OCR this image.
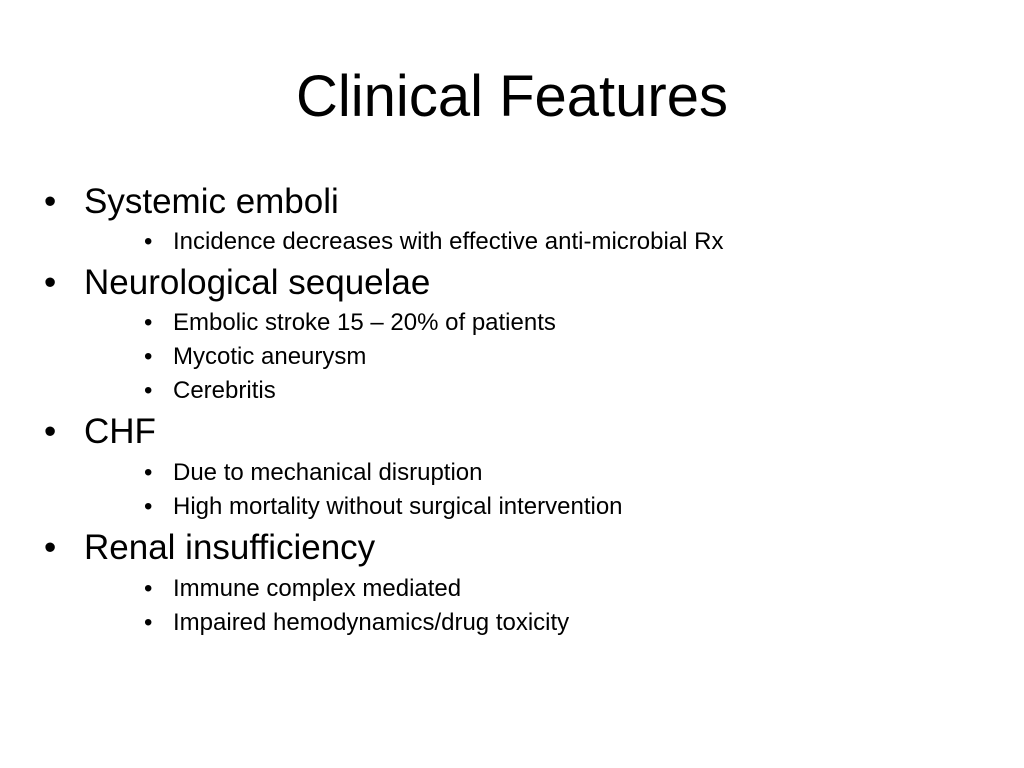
Clinical Features
• Systemic emboli
• Incidence decreases with effective anti-microbial Rx
• Neurological sequelae
• Embolic stroke 15 – 20% of patients
• Mycotic aneurysm
• Cerebritis
• CHF
• Due to mechanical disruption
• High mortality without surgical intervention
• Renal insufficiency
• Immune complex mediated
• Impaired hemodynamics/drug toxicity
